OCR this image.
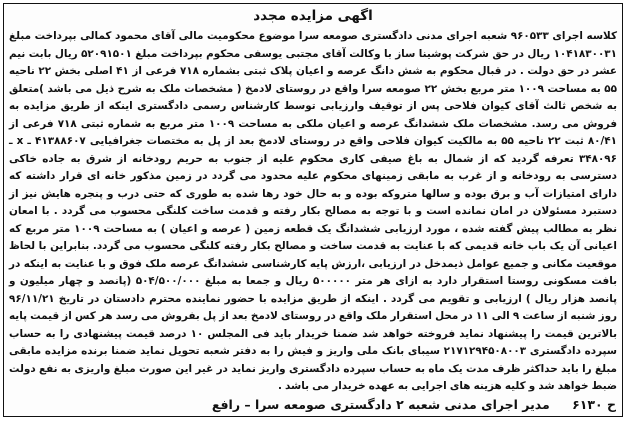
اگهی مزایده مجدد
کلاسه اجرای ۹۶۰۵۳۳ شعبه اجرای مدنی دادگستری صومعه سرا موضوع محکومیت مالی آقای محمود کمالی بپرداخت مبلغ ۱۰۴۱۸۳۰۰۳۱ ریال در حق شرکت پوشینا ساز با وکالت آقای مجتبی یوسفی محکوم بپرداخت مبلغ ۵۲۰۹۱۵۰۱ ریال بابت نیم عشر در حق دولت . در قبال محکوم به شش دانگ عرصه و اعیان پلاک ثبتی بشماره ۷۱۸ فرعی از ۴۱ اصلی بخش ۲۲ ناحیه ۵۵ به مساحت ۱۰۰۹ متر مربع بخش ۲۲ صومعه سرا واقع در روستای لادمخ ( مشخصات ملک به شرح ذیل می باشد )متعلق به شخص ثالث آقای کیوان فلاحی پس از توقیف وارزیابی توسط کارشناس رسمی دادگستری اینکه از طریق مزایده به فروش می رسد. مشخصات ملک ششدانگ عرصه و اعیان ملکی به مساحت ۱۰۰۹ متر مربع به شماره ثبتی ۷۱۸ فرعی از ۸۰/۴۱ ثبت ۲۲ ناحیه ۵۵ به مالکیت کیوان فلاحی واقع در روستای لادمخ بعد از پل به مختصات جغرافیایی ۴۱۳۸۸۶۰۷ ـ x ـ ۳۴۸۰۹۶ تعرفه گردید که از شمال به باغ صیفی کاری محکوم علیه از جنوب به حریم رودخانه از شرق به جاده خاکی دسترسی به رودخانه و از غرب به مابقی زمینهای محکوم علیه محدود می گردد در زمین مذکور خانه ای قرار داشته که دارای امتیازات آب و برق بوده و سالها متروکه بوده و به حال خود رها شده به طوری که حتی درب و پنجره هایش نیز از دستبرد مسئولان در امان نمانده است و با توجه به مصالح بکار رفته و قدمت ساخت کلنگی محسوب می گردد . با امعان نظر به مطالب پیش گفته شده ، مورد ارزیابی ششدانگ یک قطعه زمین ( عرصه و اعیان ) به مساحت ۱۰۰۹ متر مربع که اعیانی آن یک باب خانه قدیمی که با عنایت به قدمت ساخت و مصالح بکار رفته کلنگی محسوب می گردد. بنابراین با لحاظ موقعیت مکانی و جمیع عوامل ذیمدخل در ارزیابی ،ارزش پایه کارشناسی ششدانگ عرصه ملک فوق و با عنایت به اینکه در بافت مسکونی روستا استقرار دارد به ازای هر متر ۵۰۰۰۰۰ ریال و جمعا به مبلغ ۵۰۴/۵۰۰/۰۰۰ (پانصد و چهار میلیون و پانصد هزار ریال ) ارزیابی و تقویم می گردد . اینکه از طریق مزایده با حضور نماینده محترم دادستان در تاریخ ۹۶/۱۱/۲۱ روز شنبه از ساعت ۹ الی ۱۱ در محل استقرار ملک واقع در روستای لادمخ بعد از پل بفروش می رسد هر کس از قیمت پایه بالاترین قیمت را پیشنهاد نماید فروخته خواهد شد ضمنا خریدار باید فی المجلس ۱۰ درصد قیمت پیشنهادی را به حساب سپرده دادگستری ۲۱۷۱۲۹۴۵۰۸۰۰۳ سیبای بانک ملی واریز و فیش را به دفتر شعبه تحویل نماید ضمنا برنده مزایده مابقی مبلغ را باید حداکثر ظرف مدت یک ماه به حساب سپرده دادگستری واریز نماید در غیر این صورت مبلغ واریزی به نفع دولت ضبط خواهد شد و کلیه هزینه های اجرایی به عهده خریدار می باشد .
ح ۶۱۳۰ مدیر اجرای مدنی شعبه ۲ دادگستری صومعه سرا – رافع
